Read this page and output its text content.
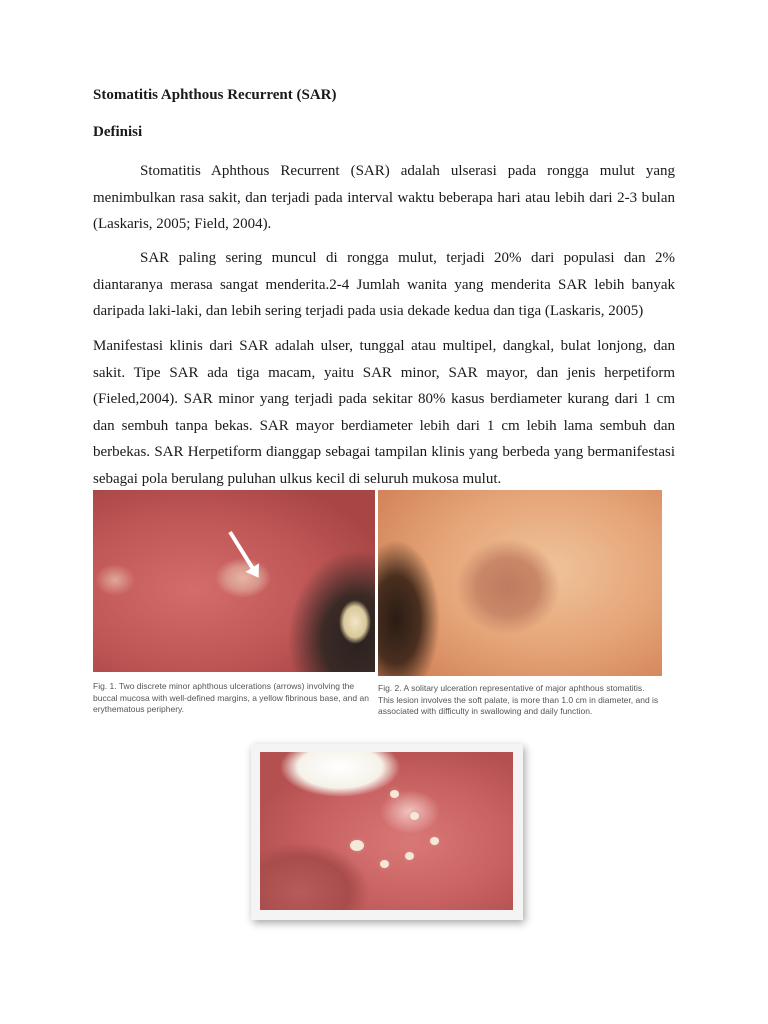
Stomatitis Aphthous Recurrent (SAR)
Definisi

Stomatitis Aphthous Recurrent (SAR) adalah ulserasi pada rongga mulut yang menimbulkan rasa sakit, dan terjadi pada interval waktu beberapa hari atau lebih dari 2-3 bulan (Laskaris, 2005; Field, 2004).

SAR paling sering muncul di rongga mulut, terjadi 20% dari populasi dan 2% diantaranya merasa sangat menderita.2-4 Jumlah wanita yang menderita SAR lebih banyak daripada laki-laki, dan lebih sering terjadi pada usia dekade kedua dan tiga (Laskaris, 2005)

Manifestasi klinis dari SAR adalah ulser, tunggal atau multipel, dangkal, bulat lonjong, dan sakit. Tipe SAR ada tiga macam, yaitu SAR minor, SAR mayor, dan jenis herpetiform (Fieled,2004). SAR minor yang terjadi pada sekitar 80% kasus berdiameter kurang dari 1 cm dan sembuh tanpa bekas. SAR mayor berdiameter lebih dari 1 cm lebih lama sembuh dan berbekas. SAR Herpetiform dianggap sebagai tampilan klinis yang berbeda yang bermanifestasi sebagai pola berulang puluhan ulkus kecil di seluruh mukosa mulut.

Fig. 1. Two discrete minor aphthous ulcerations (arrows) involving the buccal mucosa with well-defined margins, a yellow fibrinous base, and an erythematous periphery.

Fig. 2. A solitary ulceration representative of major aphthous stomatitis. This lesion involves the soft palate, is more than 1.0 cm in diameter, and is associated with difficulty in swallowing and daily function.
